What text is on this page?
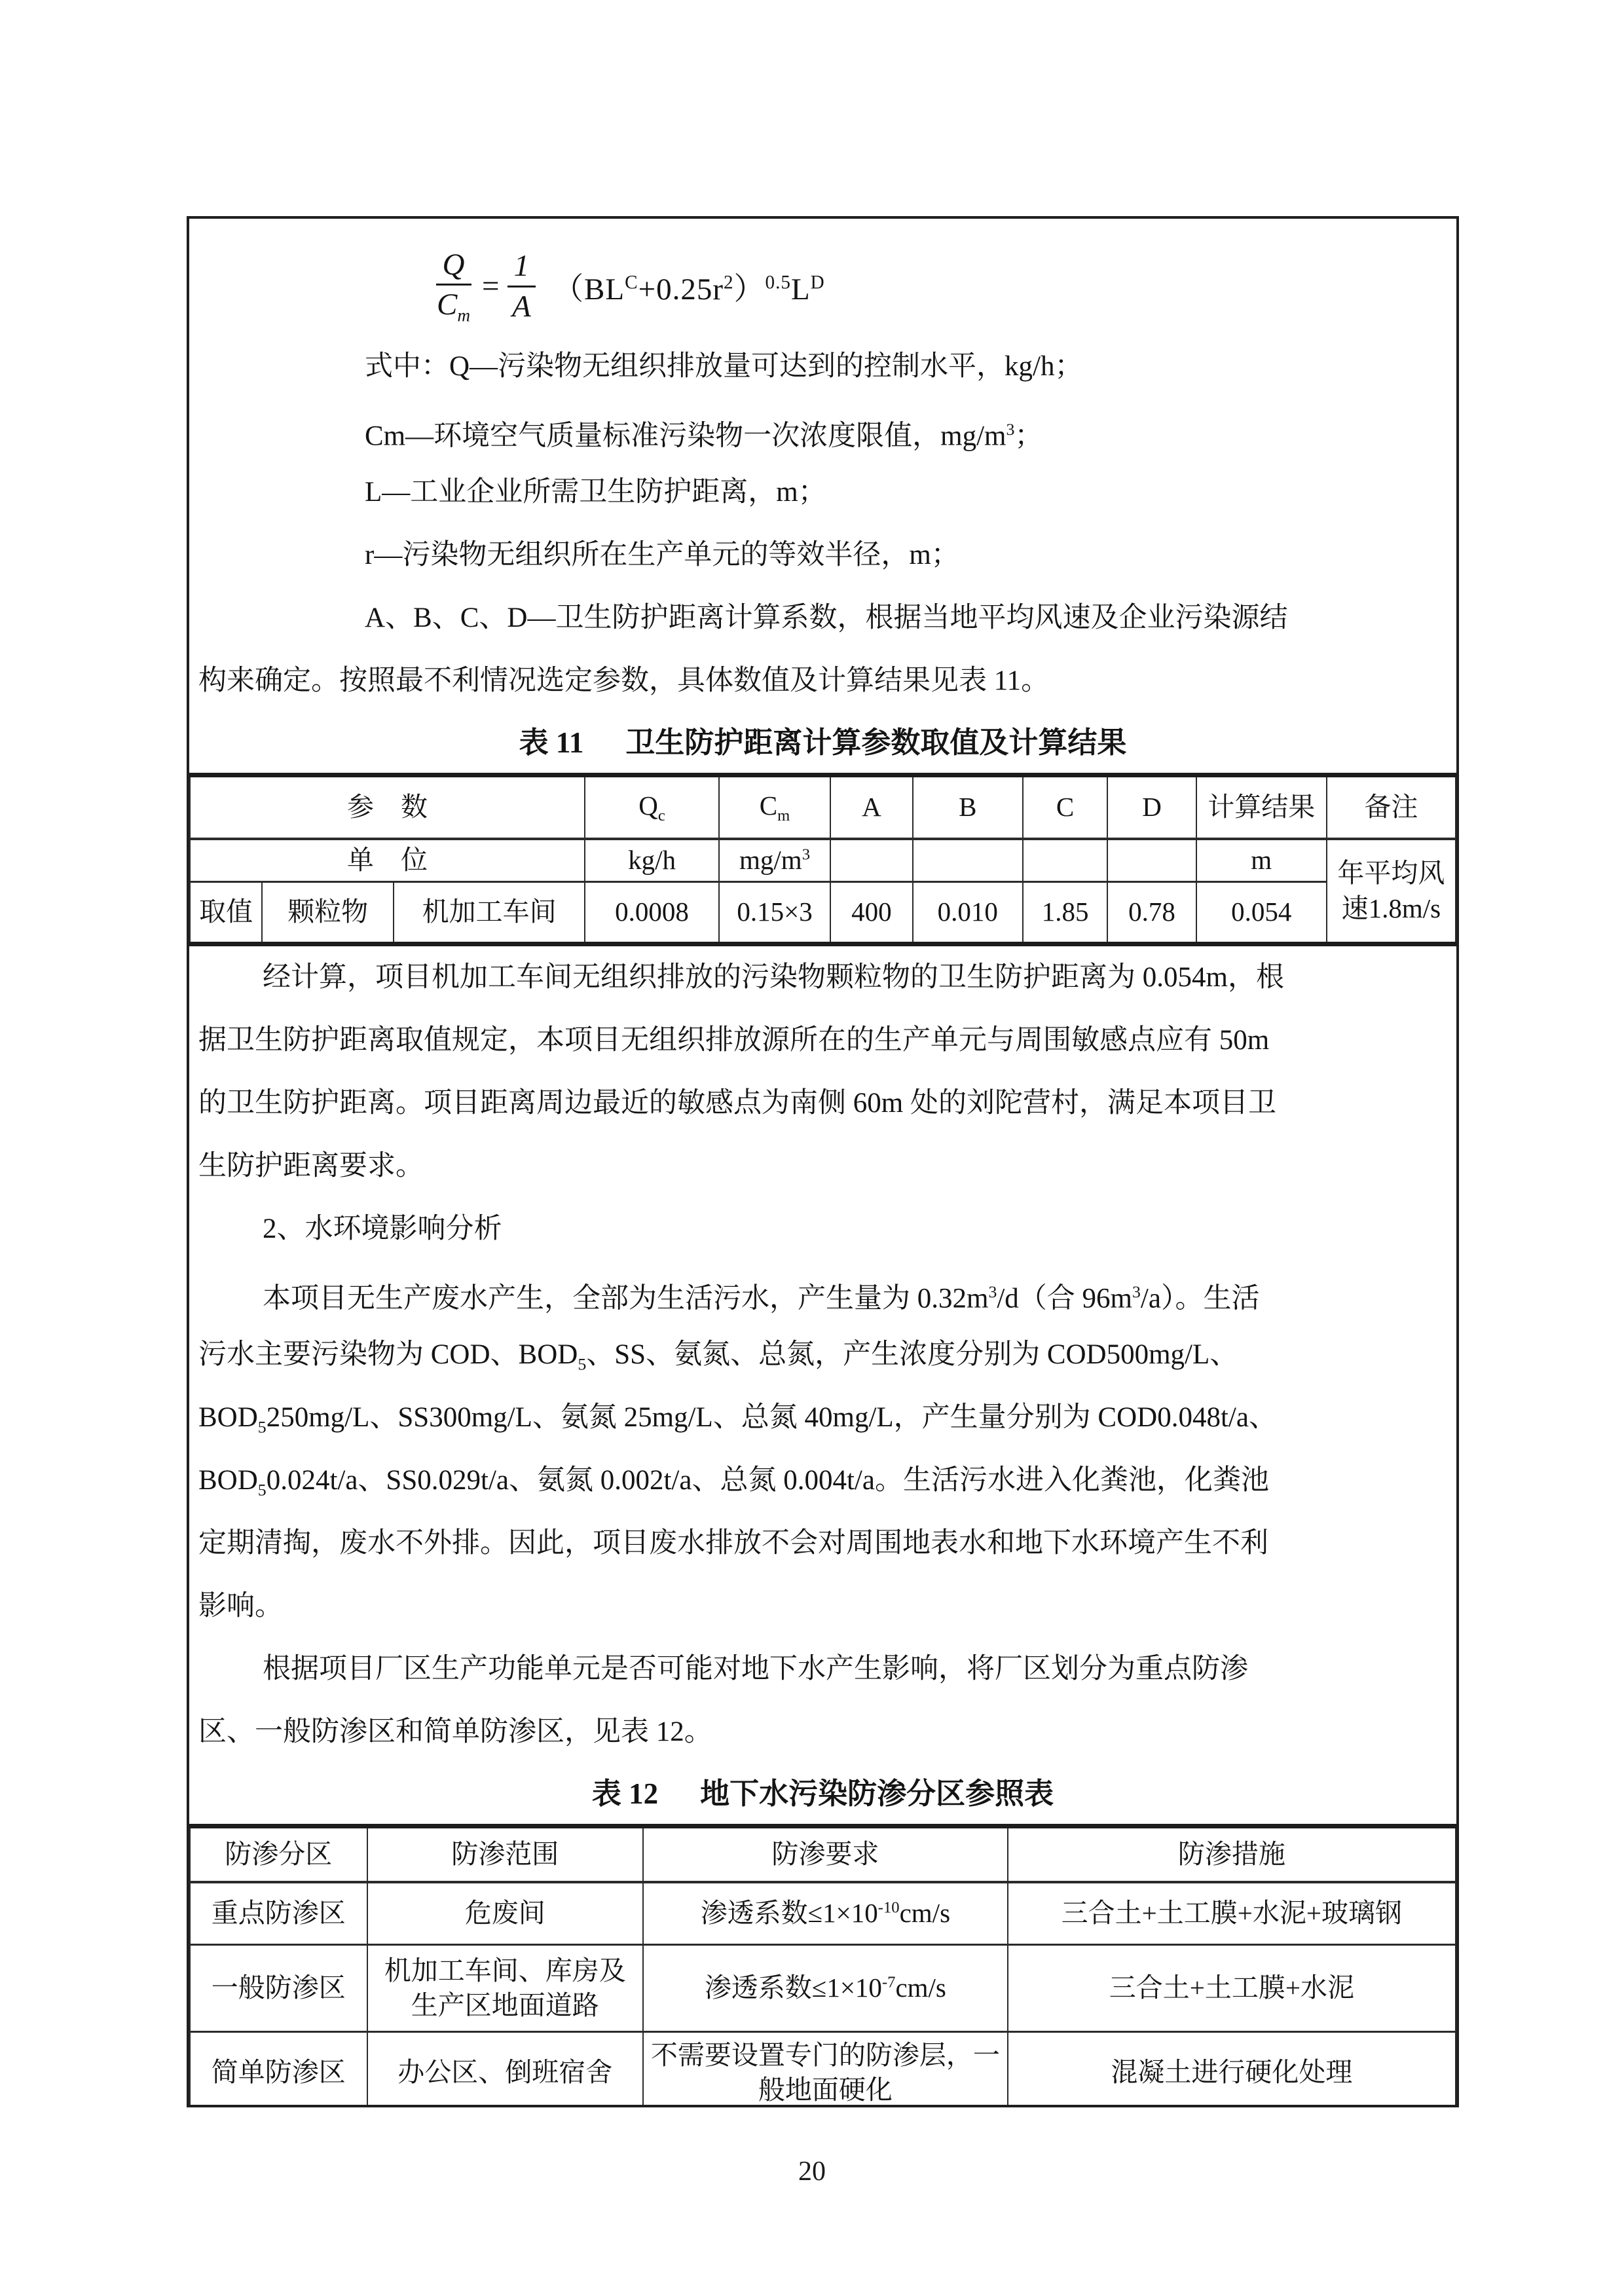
$\frac{Q}{C_m} = \frac{1}{A} (BL^C+0.25r^2)^{0.5}L^D$
式中：Q—污染物无组织排放量可达到的控制水平，kg/h；
Cm—环境空气质量标准污染物一次浓度限值，$mg/m^3$；
L—工业企业所需卫生防护距离，m；
r—污染物无组织所在生产单元的等效半径，m；
A、B、C、D—卫生防护距离计算系数，根据当地平均风速及企业污染源结
构来确定。按照最不利情况选定参数，具体数值及计算结果见表 11。
表 11 卫生防护距离计算参数取值及计算结果
参　数			$Q_c$	$C_m$	A	B	C	D	计算结果	备注
单　位			kg/h	$mg/m^3$					m	年平均风速1.8m/s
取值	颗粒物	机加工车间	0.0008	0.15×3	400	0.010	1.85	0.78	0.054	
经计算，项目机加工车间无组织排放的污染物颗粒物的卫生防护距离为 0.054m，根
据卫生防护距离取值规定，本项目无组织排放源所在的生产单元与周围敏感点应有 50m
的卫生防护距离。项目距离周边最近的敏感点为南侧 60m 处的刘陀营村，满足本项目卫
生防护距离要求。
2、水环境影响分析
本项目无生产废水产生，全部为生活污水，产生量为 $0.32m^3/d$（合 $96m^3/a$）。生活
污水主要污染物为 COD、$BOD_5$、SS、氨氮、总氮，产生浓度分别为 COD500mg/L、
$BOD_5250mg/L$、SS300mg/L、氨氮 25mg/L、总氮 40mg/L，产生量分别为 COD0.048t/a、
$BOD_50.024t/a$、SS0.029t/a、氨氮 0.002t/a、总氮 0.004t/a。生活污水进入化粪池，化粪池
定期清掏，废水不外排。因此，项目废水排放不会对周围地表水和地下水环境产生不利
影响。
根据项目厂区生产功能单元是否可能对地下水产生影响，将厂区划分为重点防渗
区、一般防渗区和简单防渗区，见表 12。
表 12 地下水污染防渗分区参照表
防渗分区	防渗范围	防渗要求	防渗措施
重点防渗区	危废间	渗透系数$\le 1\times 10^{-10}cm/s$	三合土+土工膜+水泥+玻璃钢
一般防渗区	机加工车间、库房及生产区地面道路	渗透系数$\le 1\times 10^{-7}cm/s$	三合土+土工膜+水泥
简单防渗区	办公区、倒班宿舍	不需要设置专门的防渗层，一般地面硬化	混凝土进行硬化处理
20
